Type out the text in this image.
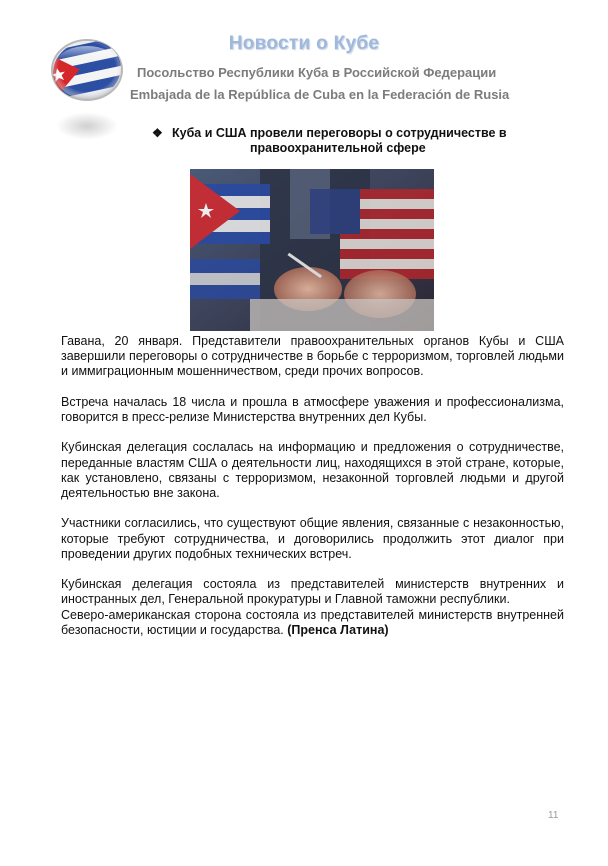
Новости о Кубе
Посольство Республики Куба в Российской Федерации
Embajada de la República de Cuba en la Federación de Rusia
❖ Куба и США провели переговоры о сотрудничестве в
правоохранительной сфере

Гавана, 20 января. Представители правоохранительных органов Кубы и США завершили переговоры о сотрудничестве в борьбе с терроризмом, торговлей людьми и иммиграционным мошенничеством, среди прочих вопросов.

Встреча началась 18 числа и прошла в атмосфере уважения и профессионализма, говорится в пресс-релизе Министерства внутренних дел Кубы.

Кубинская делегация сослалась на информацию и предложения о сотрудничестве, переданные властям США о деятельности лиц, находящихся в этой стране, которые, как установлено, связаны с терроризмом, незаконной торговлей людьми и другой деятельностью вне закона.

Участники согласились, что существуют общие явления, связанные с незаконностью, которые требуют сотрудничества, и договорились продолжить этот диалог при проведении других подобных технических встреч.

Кубинская делегация состояла из представителей министерств внутренних и иностранных дел, Генеральной прокуратуры и Главной таможни республики.

Северо-американская сторона состояла из представителей министерств внутренней безопасности, юстиции и государства. (Пренса Латина)

11
